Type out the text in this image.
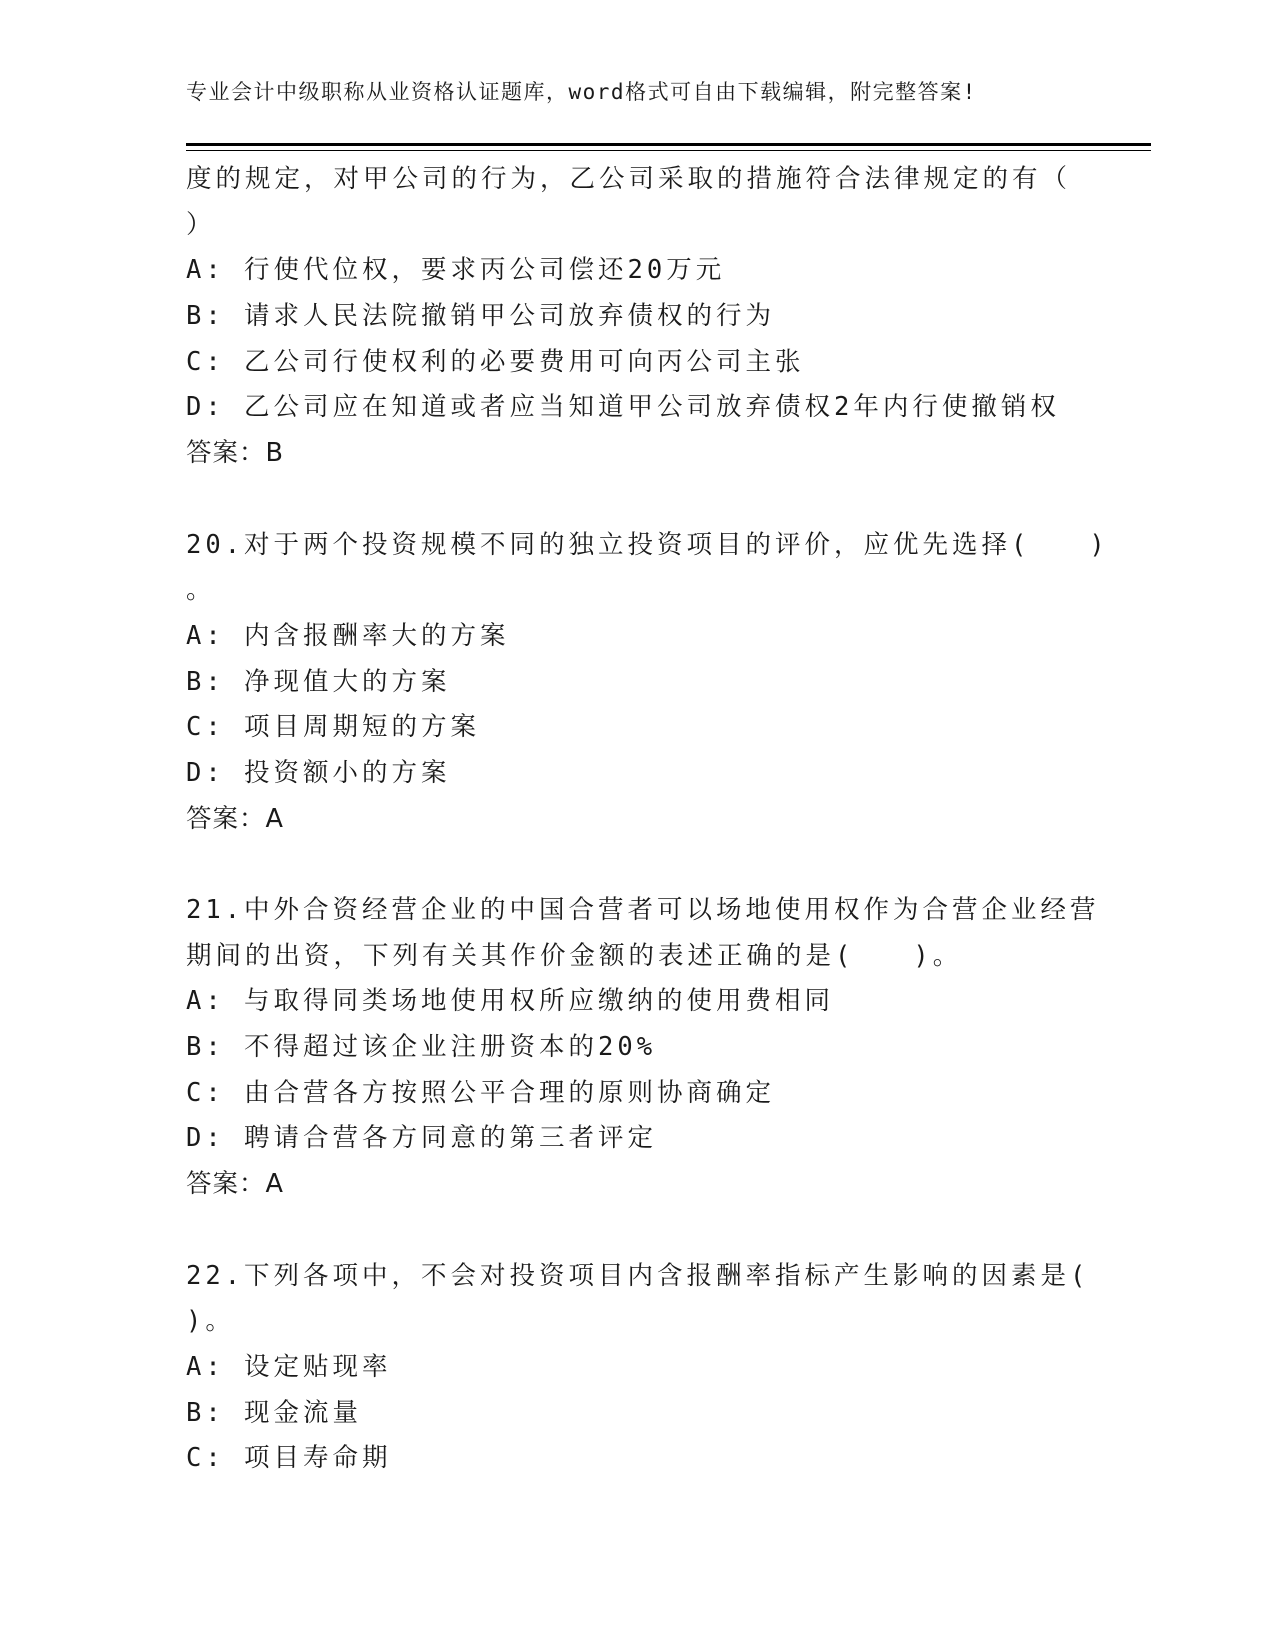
专业会计中级职称从业资格认证题库，word格式可自由下载编辑，附完整答案!
度的规定，对甲公司的行为，乙公司采取的措施符合法律规定的有（
）
A: 行使代位权，要求丙公司偿还20万元
B: 请求人民法院撤销甲公司放弃债权的行为
C: 乙公司行使权利的必要费用可向丙公司主张
D: 乙公司应在知道或者应当知道甲公司放弃债权2年内行使撤销权
答案：B
20.对于两个投资规模不同的独立投资项目的评价，应优先选择(　　)
。
A: 内含报酬率大的方案
B: 净现值大的方案
C: 项目周期短的方案
D: 投资额小的方案
答案：A
21.中外合资经营企业的中国合营者可以场地使用权作为合营企业经营
期间的出资，下列有关其作价金额的表述正确的是(　　)。
A: 与取得同类场地使用权所应缴纳的使用费相同
B: 不得超过该企业注册资本的20%
C: 由合营各方按照公平合理的原则协商确定
D: 聘请合营各方同意的第三者评定
答案：A
22.下列各项中，不会对投资项目内含报酬率指标产生影响的因素是(
)。
A: 设定贴现率
B: 现金流量
C: 项目寿命期
